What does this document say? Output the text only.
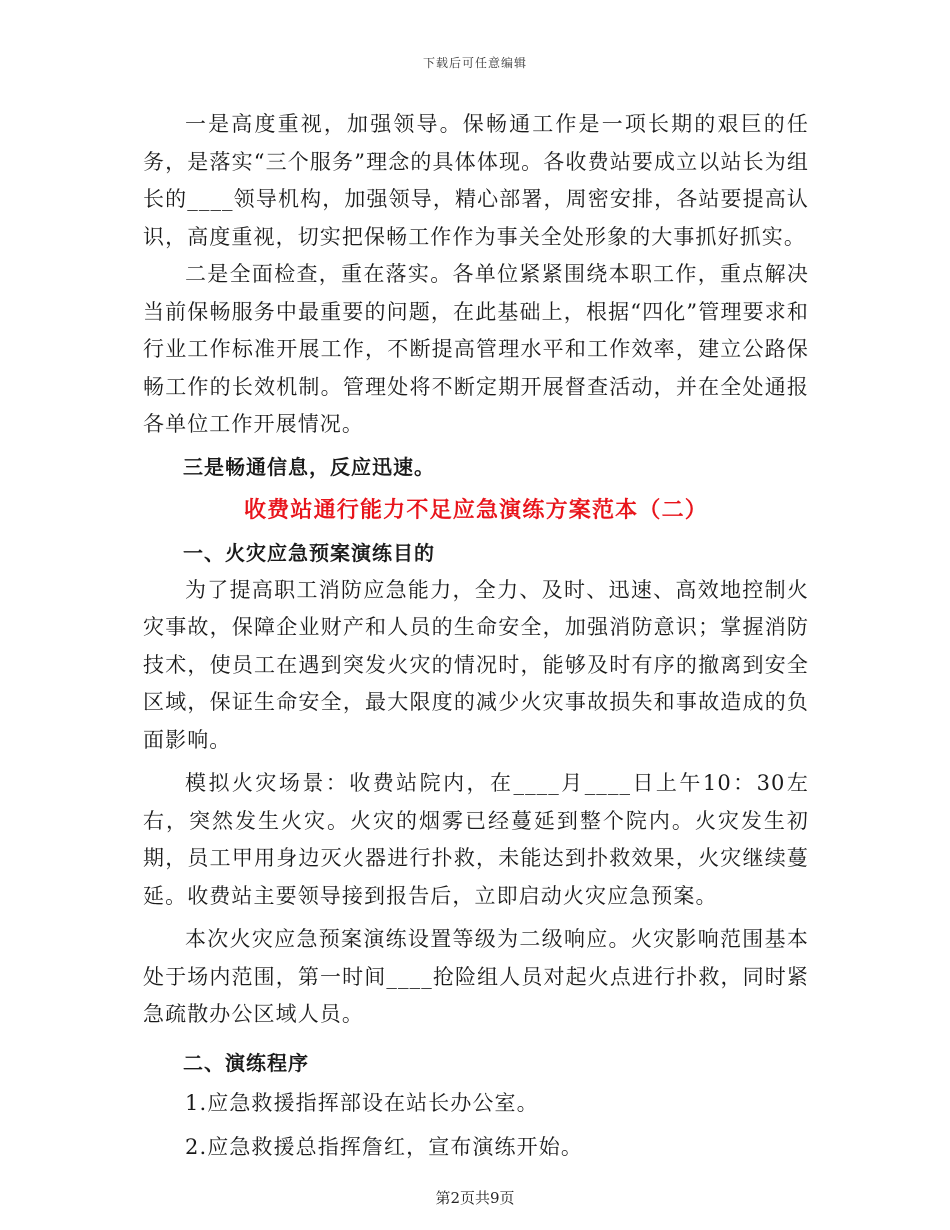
下载后可任意编辑

一是高度重视，加强领导。保畅通工作是一项长期的艰巨的任务，是落实“三个服务”理念的具体体现。各收费站要成立以站长为组长的____领导机构，加强领导，精心部署，周密安排，各站要提高认识，高度重视，切实把保畅工作作为事关全处形象的大事抓好抓实。

二是全面检查，重在落实。各单位紧紧围绕本职工作，重点解决当前保畅服务中最重要的问题，在此基础上，根据“四化”管理要求和行业工作标准开展工作，不断提高管理水平和工作效率，建立公路保畅工作的长效机制。管理处将不断定期开展督查活动，并在全处通报各单位工作开展情况。

三是畅通信息，反应迅速。

收费站通行能力不足应急演练方案范本（二）

一、火灾应急预案演练目的

为了提高职工消防应急能力，全力、及时、迅速、高效地控制火灾事故，保障企业财产和人员的生命安全，加强消防意识；掌握消防技术，使员工在遇到突发火灾的情况时，能够及时有序的撤离到安全区域，保证生命安全，最大限度的减少火灾事故损失和事故造成的负面影响。

模拟火灾场景：收费站院内，在____月____日上午10：30左右，突然发生火灾。火灾的烟雾已经蔓延到整个院内。火灾发生初期，员工甲用身边灭火器进行扑救，未能达到扑救效果，火灾继续蔓延。收费站主要领导接到报告后，立即启动火灾应急预案。

本次火灾应急预案演练设置等级为二级响应。火灾影响范围基本处于场内范围，第一时间____抢险组人员对起火点进行扑救，同时紧急疏散办公区域人员。

二、演练程序

1.应急救援指挥部设在站长办公室。

2.应急救援总指挥詹红，宣布演练开始。

第2页共9页
